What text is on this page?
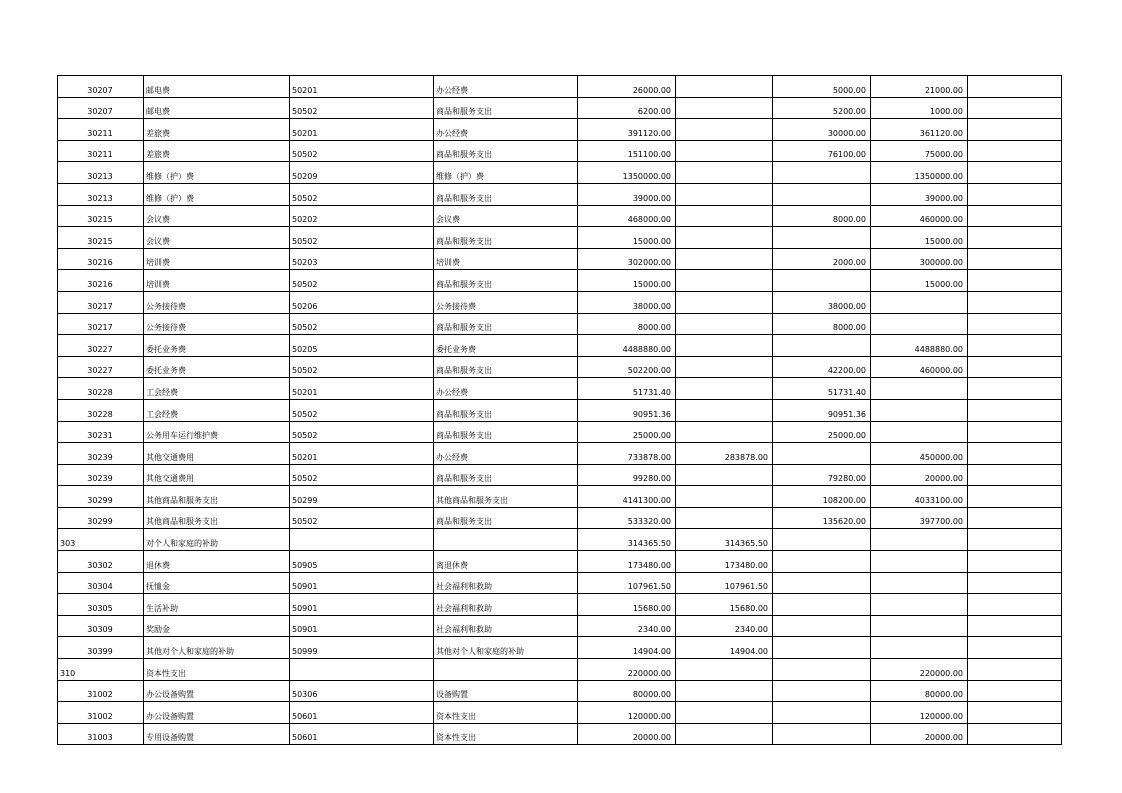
30207	邮电费	50201	办公经费	26000.00		5000.00	21000.00	
30207	邮电费	50502	商品和服务支出	6200.00		5200.00	1000.00	
30211	差旅费	50201	办公经费	391120.00		30000.00	361120.00	
30211	差旅费	50502	商品和服务支出	151100.00		76100.00	75000.00	
30213	维修（护）费	50209	维修（护）费	1350000.00			1350000.00	
30213	维修（护）费	50502	商品和服务支出	39000.00			39000.00	
30215	会议费	50202	会议费	468000.00		8000.00	460000.00	
30215	会议费	50502	商品和服务支出	15000.00			15000.00	
30216	培训费	50203	培训费	302000.00		2000.00	300000.00	
30216	培训费	50502	商品和服务支出	15000.00			15000.00	
30217	公务接待费	50206	公务接待费	38000.00		38000.00		
30217	公务接待费	50502	商品和服务支出	8000.00		8000.00		
30227	委托业务费	50205	委托业务费	4488880.00			4488880.00	
30227	委托业务费	50502	商品和服务支出	502200.00		42200.00	460000.00	
30228	工会经费	50201	办公经费	51731.40		51731.40		
30228	工会经费	50502	商品和服务支出	90951.36		90951.36		
30231	公务用车运行维护费	50502	商品和服务支出	25000.00		25000.00		
30239	其他交通费用	50201	办公经费	733878.00	283878.00		450000.00	
30239	其他交通费用	50502	商品和服务支出	99280.00		79280.00	20000.00	
30299	其他商品和服务支出	50299	其他商品和服务支出	4141300.00		108200.00	4033100.00	
30299	其他商品和服务支出	50502	商品和服务支出	533320.00		135620.00	397700.00	
303	对个人和家庭的补助			314365.50	314365.50			
30302	退休费	50905	离退休费	173480.00	173480.00			
30304	抚恤金	50901	社会福利和救助	107961.50	107961.50			
30305	生活补助	50901	社会福利和救助	15680.00	15680.00			
30309	奖励金	50901	社会福利和救助	2340.00	2340.00			
30399	其他对个人和家庭的补助	50999	其他对个人和家庭的补助	14904.00	14904.00			
310	资本性支出			220000.00			220000.00	
31002	办公设备购置	50306	设备购置	80000.00			80000.00	
31002	办公设备购置	50601	资本性支出	120000.00			120000.00	
31003	专用设备购置	50601	资本性支出	20000.00			20000.00	
